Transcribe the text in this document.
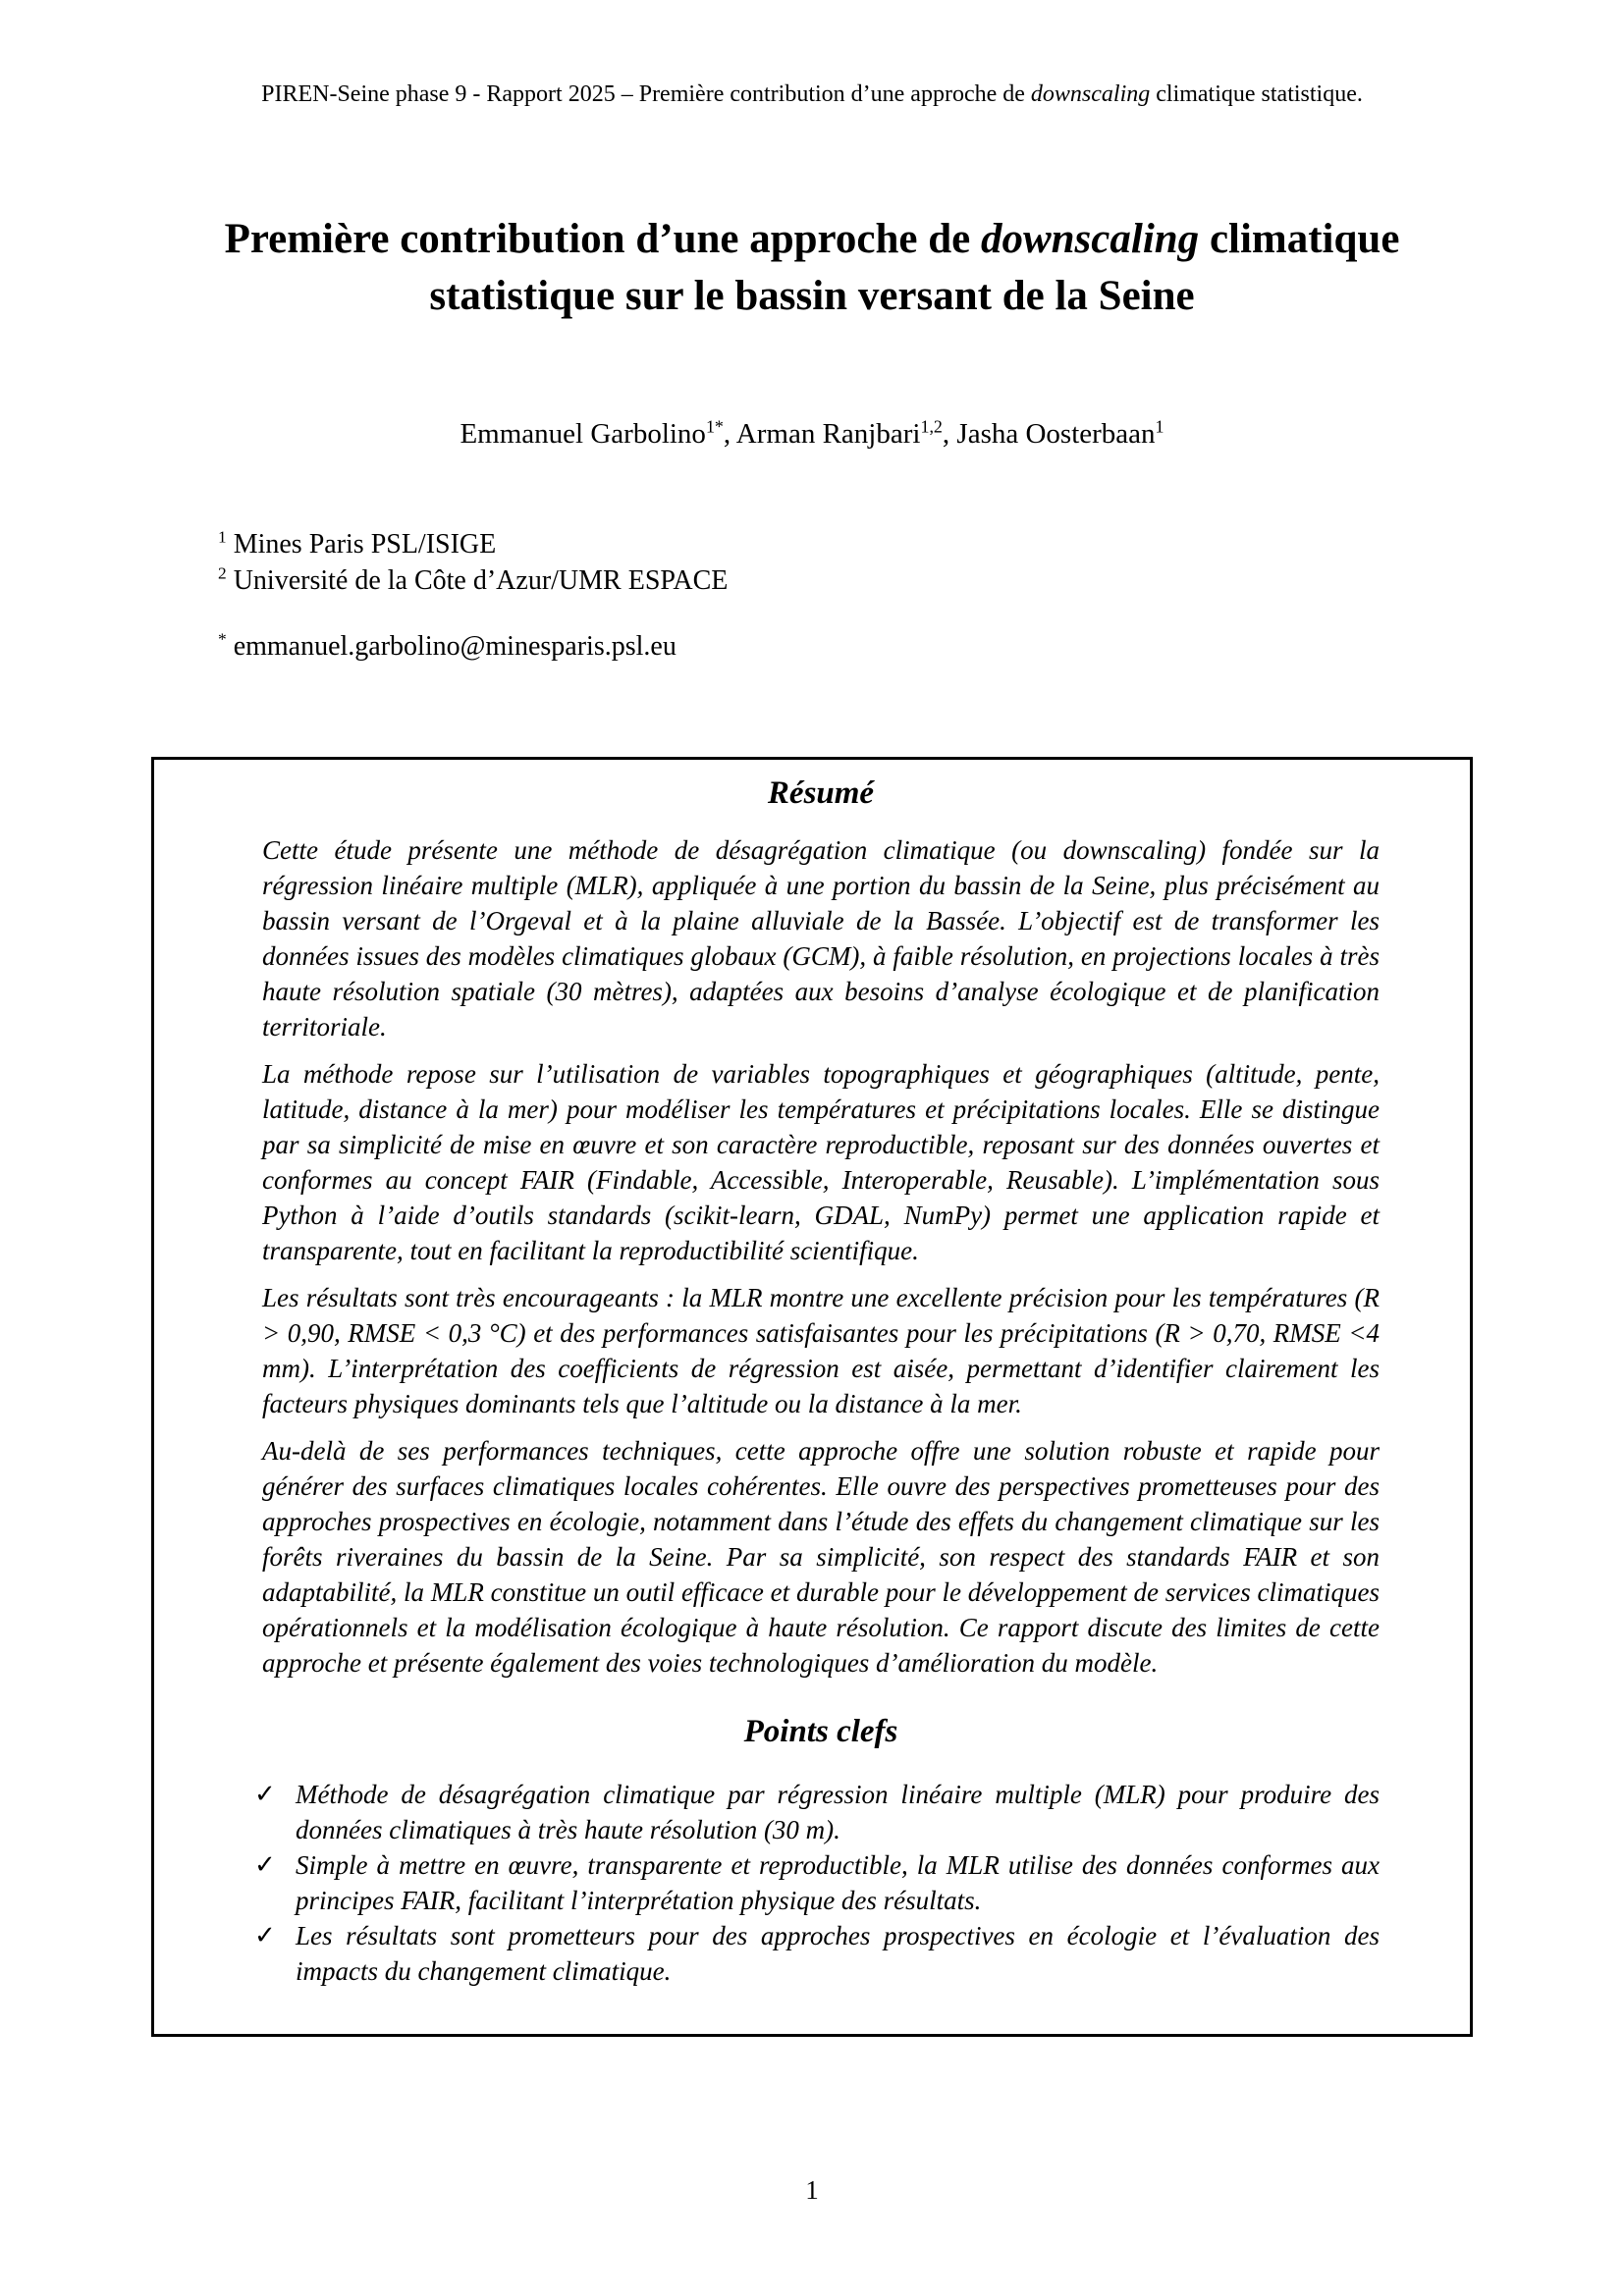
PIREN-Seine phase 9 - Rapport 2025 – Première contribution d’une approche de downscaling climatique statistique.
Première contribution d’une approche de downscaling climatique statistique sur le bassin versant de la Seine
Emmanuel Garbolino$^{1*}$, Arman Ranjbari$^{1,2}$, Jasha Oosterbaan$^1$
$^1$ Mines Paris PSL/ISIGE
$^2$ Université de la Côte d’Azur/UMR ESPACE
* emmanuel.garbolino@minesparis.psl.eu
Résumé

Cette étude présente une méthode de désagrégation climatique (ou downscaling) fondée sur la régression linéaire multiple (MLR), appliquée à une portion du bassin de la Seine, plus précisément au bassin versant de l’Orgeval et à la plaine alluviale de la Bassée. L’objectif est de transformer les données issues des modèles climatiques globaux (GCM), à faible résolution, en projections locales à très haute résolution spatiale (30 mètres), adaptées aux besoins d’analyse écologique et de planification territoriale.

La méthode repose sur l’utilisation de variables topographiques et géographiques (altitude, pente, latitude, distance à la mer) pour modéliser les températures et précipitations locales. Elle se distingue par sa simplicité de mise en œuvre et son caractère reproductible, reposant sur des données ouvertes et conformes au concept FAIR (Findable, Accessible, Interoperable, Reusable). L’implémentation sous Python à l’aide d’outils standards (scikit-learn, GDAL, NumPy) permet une application rapide et transparente, tout en facilitant la reproductibilité scientifique.

Les résultats sont très encourageants : la MLR montre une excellente précision pour les températures (R > 0,90, RMSE < 0,3 °C) et des performances satisfaisantes pour les précipitations (R > 0,70, RMSE <4 mm). L’interprétation des coefficients de régression est aisée, permettant d’identifier clairement les facteurs physiques dominants tels que l’altitude ou la distance à la mer.

Au-delà de ses performances techniques, cette approche offre une solution robuste et rapide pour générer des surfaces climatiques locales cohérentes. Elle ouvre des perspectives prometteuses pour des approches prospectives en écologie, notamment dans l’étude des effets du changement climatique sur les forêts riveraines du bassin de la Seine. Par sa simplicité, son respect des standards FAIR et son adaptabilité, la MLR constitue un outil efficace et durable pour le développement de services climatiques opérationnels et la modélisation écologique à haute résolution. Ce rapport discute des limites de cette approche et présente également des voies technologiques d’amélioration du modèle.

Points clefs
✓ Méthode de désagrégation climatique par régression linéaire multiple (MLR) pour produire des données climatiques à très haute résolution (30 m).

✓ Simple à mettre en œuvre, transparente et reproductible, la MLR utilise des données conformes aux principes FAIR, facilitant l’interprétation physique des résultats.

✓ Les résultats sont prometteurs pour des approches prospectives en écologie et l’évaluation des impacts du changement climatique.

1
